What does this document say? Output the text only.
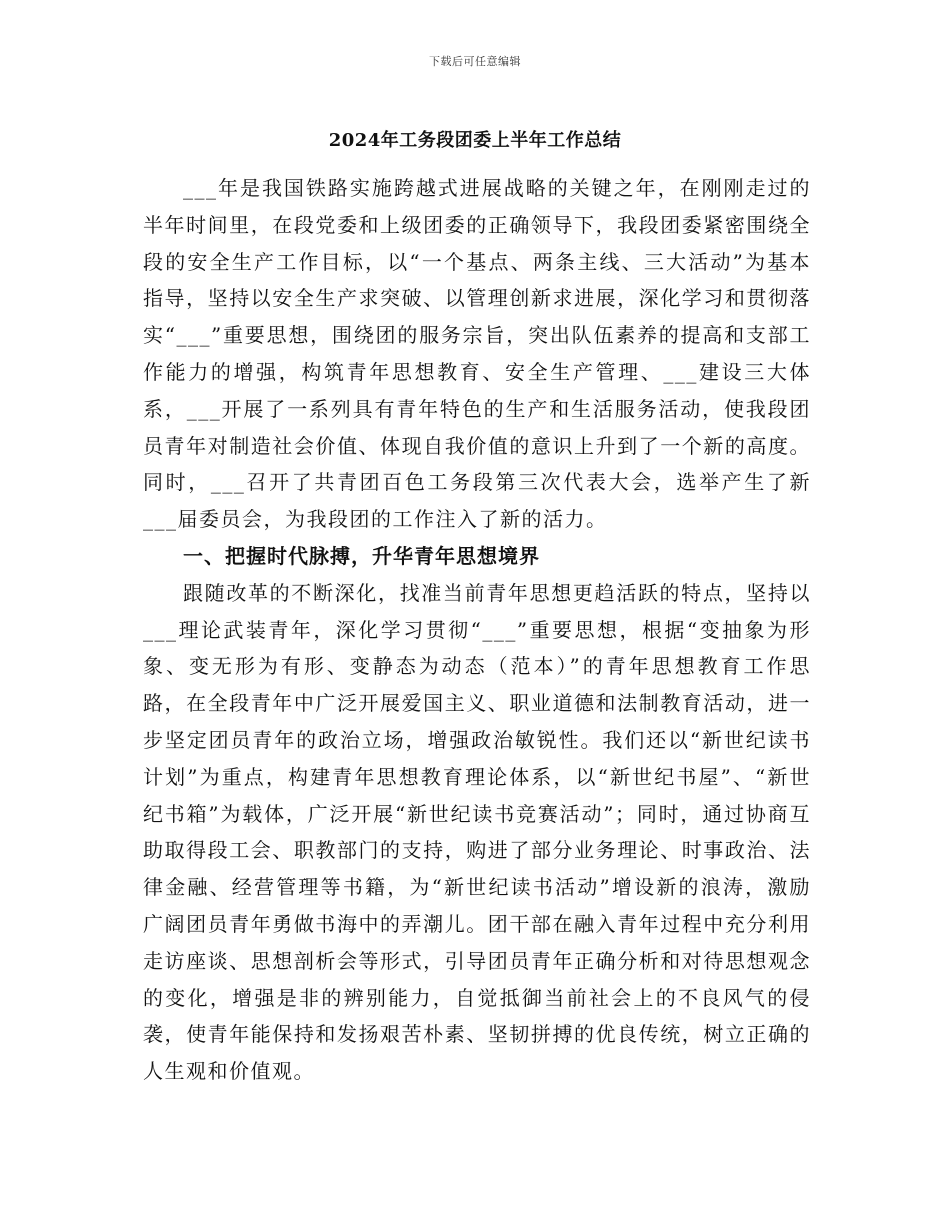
下载后可任意编辑
2024年工务段团委上半年工作总结

___年是我国铁路实施跨越式进展战略的关键之年，在刚刚走过的半年时间里，在段党委和上级团委的正确领导下，我段团委紧密围绕全段的安全生产工作目标，以“一个基点、两条主线、三大活动”为基本指导，坚持以安全生产求突破、以管理创新求进展，深化学习和贯彻落实“___”重要思想，围绕团的服务宗旨，突出队伍素养的提高和支部工作能力的增强，构筑青年思想教育、安全生产管理、___建设三大体系，___开展了一系列具有青年特色的生产和生活服务活动，使我段团员青年对制造社会价值、体现自我价值的意识上升到了一个新的高度。同时，___召开了共青团百色工务段第三次代表大会，选举产生了新___届委员会，为我段团的工作注入了新的活力。

一、把握时代脉搏，升华青年思想境界

跟随改革的不断深化，找准当前青年思想更趋活跃的特点，坚持以___理论武装青年，深化学习贯彻“___”重要思想，根据“变抽象为形象、变无形为有形、变静态为动态（范本）”的青年思想教育工作思路，在全段青年中广泛开展爱国主义、职业道德和法制教育活动，进一步坚定团员青年的政治立场，增强政治敏锐性。我们还以“新世纪读书计划”为重点，构建青年思想教育理论体系，以“新世纪书屋”、“新世纪书箱”为载体，广泛开展“新世纪读书竞赛活动”；同时，通过协商互助取得段工会、职教部门的支持，购进了部分业务理论、时事政治、法律金融、经营管理等书籍，为“新世纪读书活动”增设新的浪涛，激励广阔团员青年勇做书海中的弄潮儿。团干部在融入青年过程中充分利用走访座谈、思想剖析会等形式，引导团员青年正确分析和对待思想观念的变化，增强是非的辨别能力，自觉抵御当前社会上的不良风气的侵袭，使青年能保持和发扬艰苦朴素、坚韧拼搏的优良传统，树立正确的人生观和价值观。
